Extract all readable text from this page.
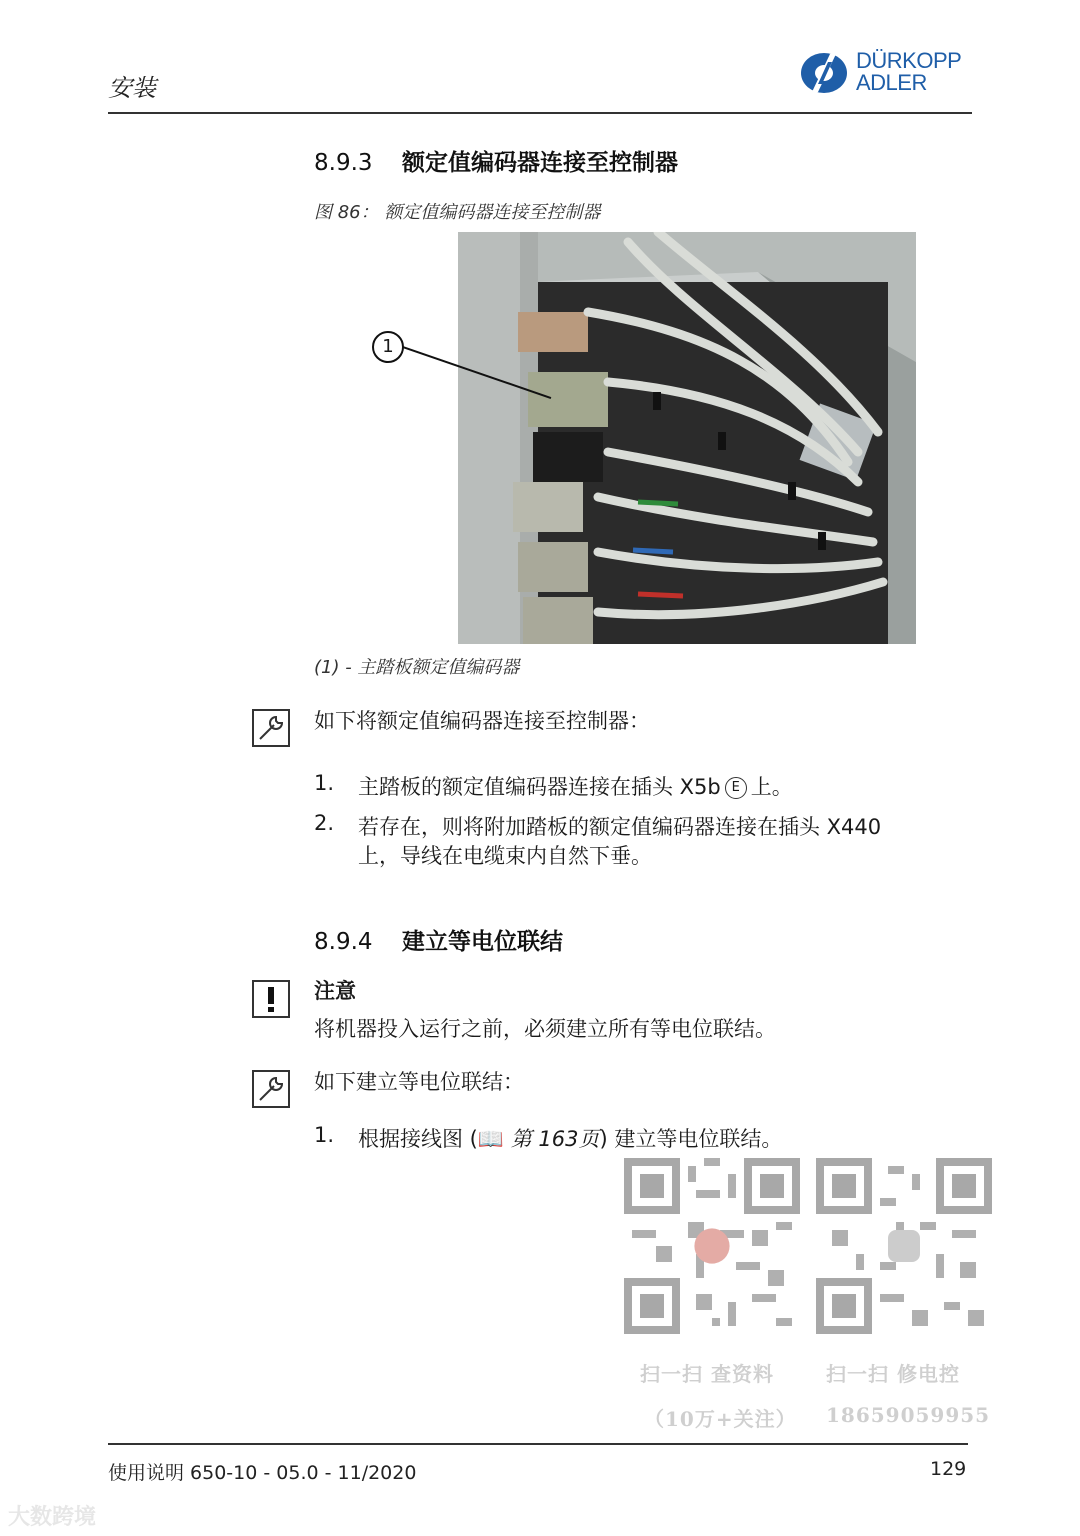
安装
DÜRKOPP
ADLER
8.9.3 额定值编码器连接至控制器
图 86： 额定值编码器连接至控制器
1
(1) - 主踏板额定值编码器
如下将额定值编码器连接至控制器：
1. 主踏板的额定值编码器连接在插头 X5b E 上。
2. 若存在，则将附加踏板的额定值编码器连接在插头 X440
上，导线在电缆束内自然下垂。
8.9.4 建立等电位联结
注意
将机器投入运行之前，必须建立所有等电位联结。
如下建立等电位联结：
1. 根据接线图 (📖 第 163页) 建立等电位联结。
扫一扫 查资料
（10万+关注）
扫一扫 修电控
18659059955
使用说明 650-10 - 05.0 - 11/2020	129
大数跨境
